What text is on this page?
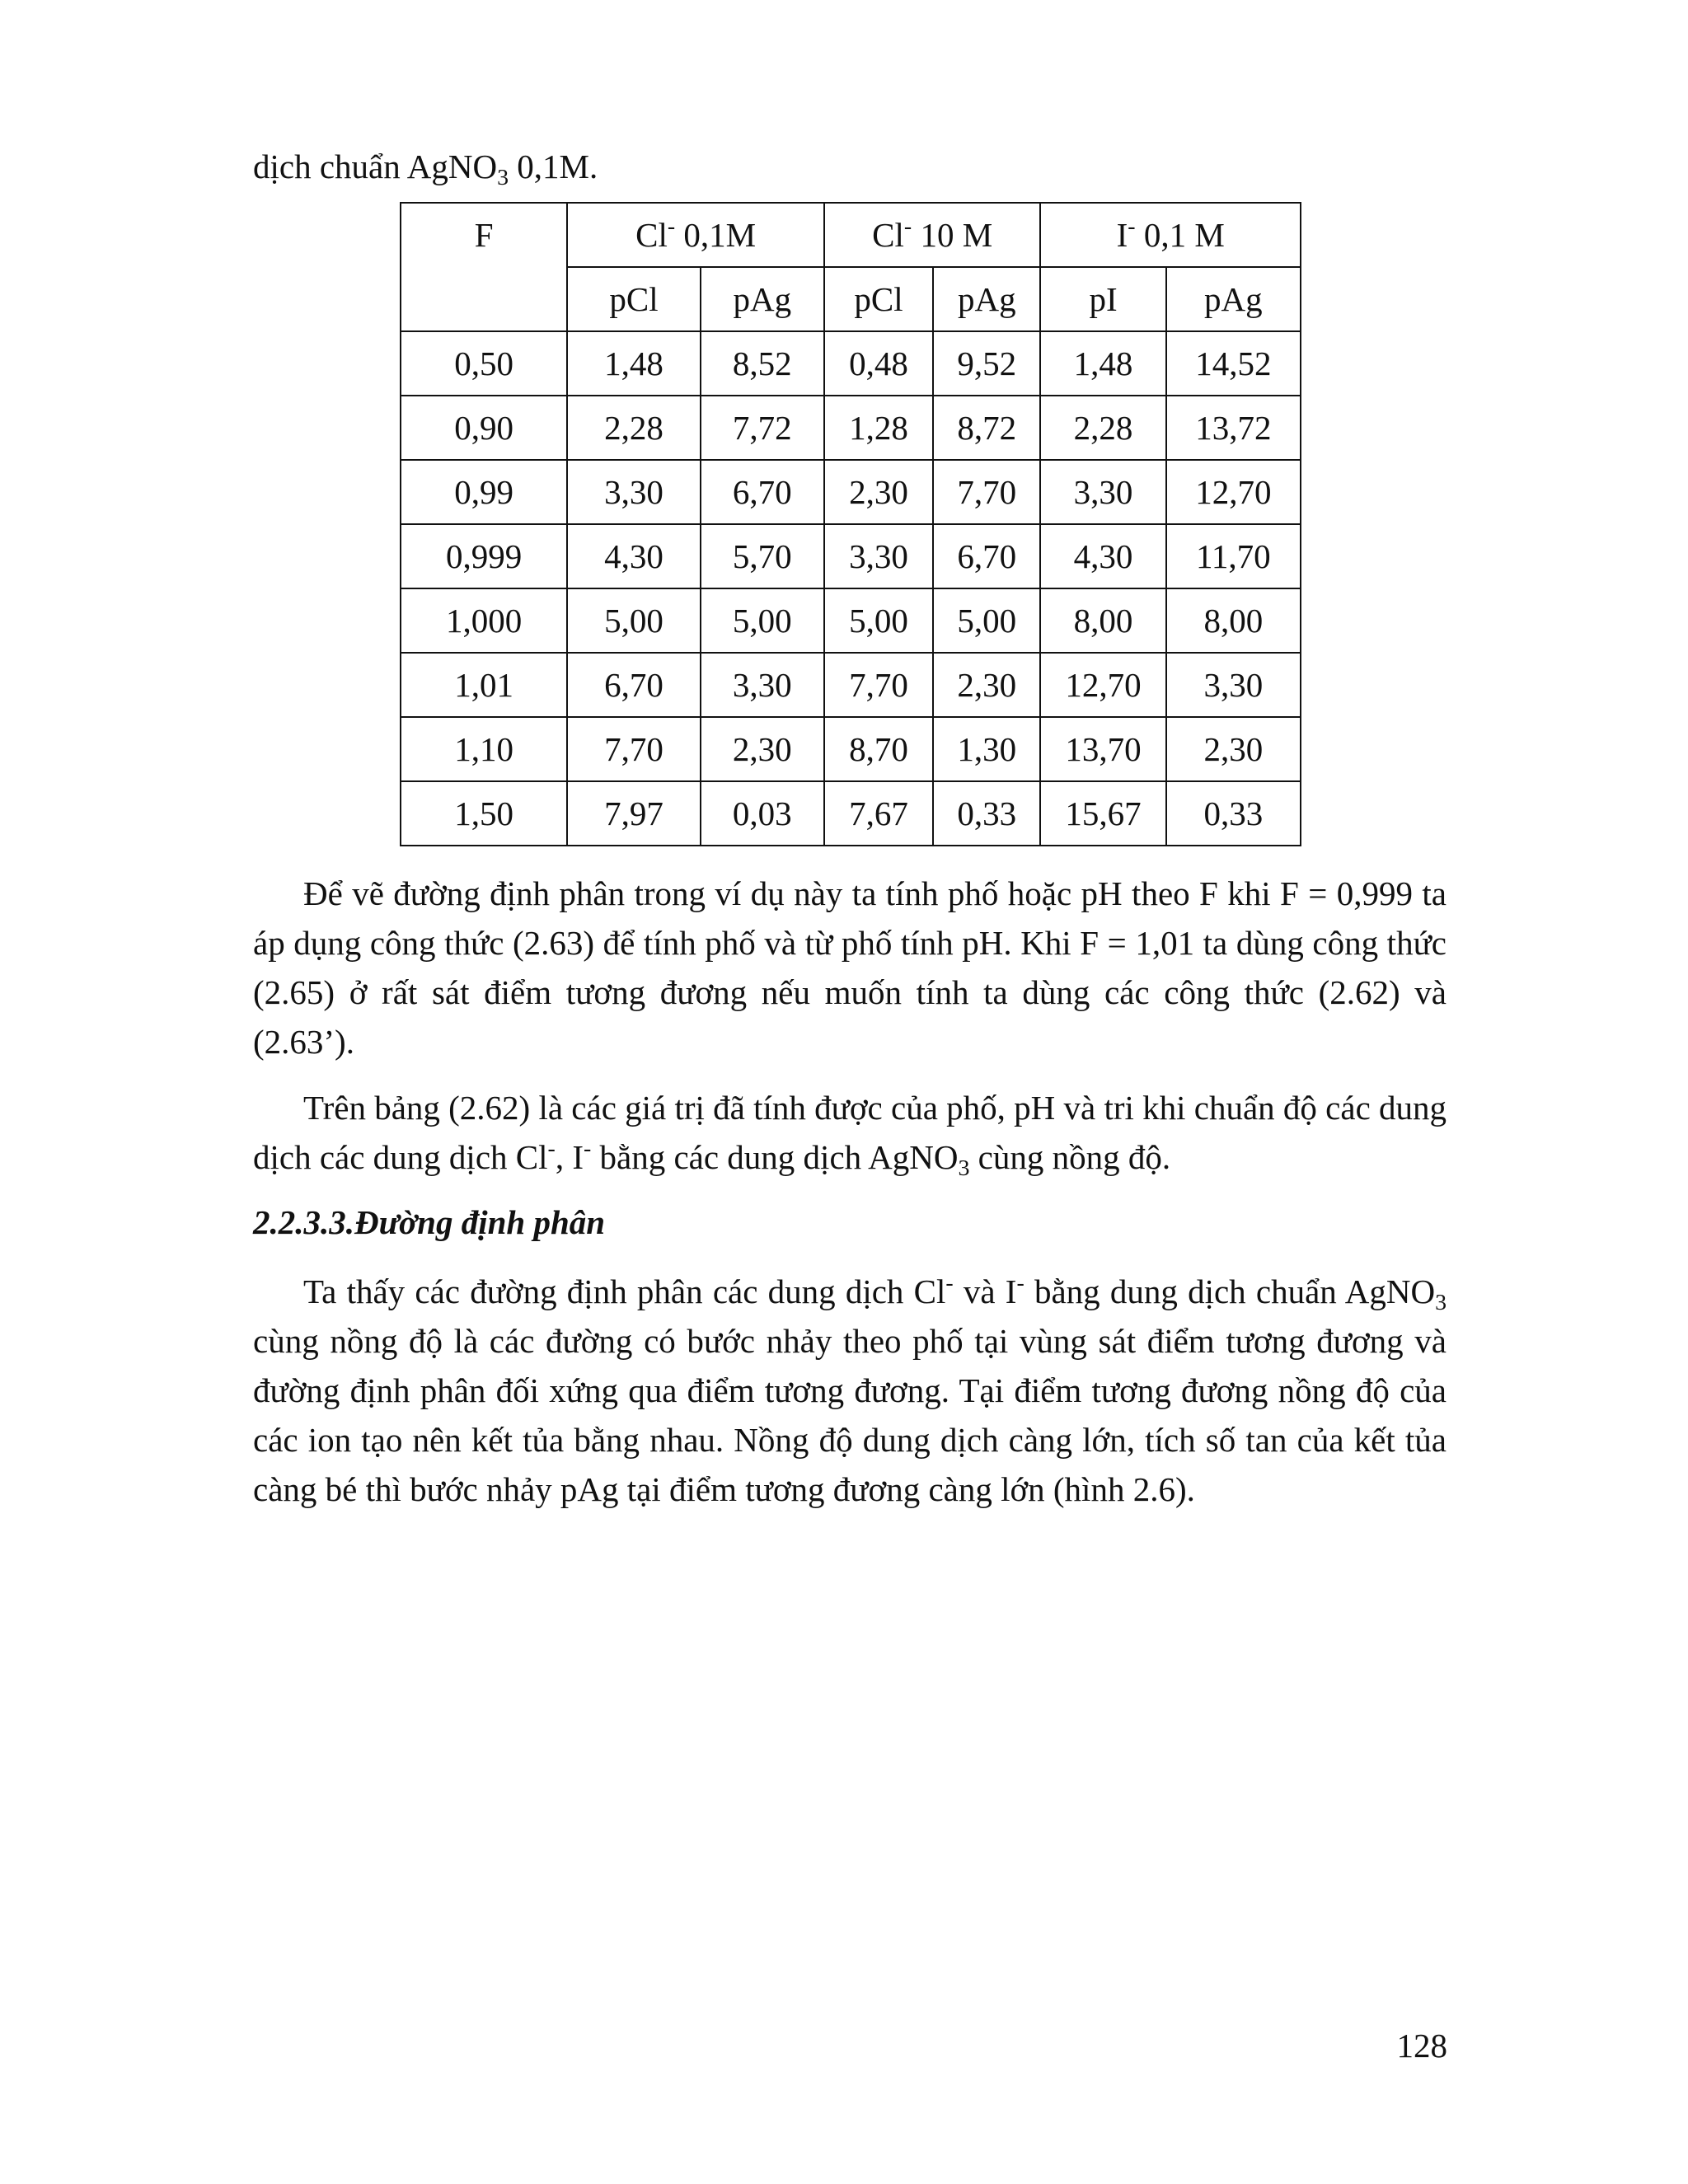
dịch chuẩn AgNO$_3$ 0,1M.

F	Cl- 0,1M		Cl- 10 M		I- 0,1 M	
	pCl	pAg	pCl	pAg	pI	pAg
0,50	1,48	8,52	0,48	9,52	1,48	14,52
0,90	2,28	7,72	1,28	8,72	2,28	13,72
0,99	3,30	6,70	2,30	7,70	3,30	12,70
0,999	4,30	5,70	3,30	6,70	4,30	11,70
1,000	5,00	5,00	5,00	5,00	8,00	8,00
1,01	6,70	3,30	7,70	2,30	12,70	3,30
1,10	7,70	2,30	8,70	1,30	13,70	2,30
1,50	7,97	0,03	7,67	0,33	15,67	0,33

Để vẽ đường định phân trong ví dụ này ta tính phố hoặc pH theo F khi F = 0,999 ta áp dụng công thức (2.63) để tính phố và từ phố tính pH. Khi F = 1,01 ta dùng công thức (2.65) ở rất sát điểm tương đương nếu muốn tính ta dùng các công thức (2.62) và (2.63’).

Trên bảng (2.62) là các giá trị đã tính được của phố, pH và tri khi chuẩn độ các dung dịch các dung dịch Cl-, I- bằng các dung dịch AgNO$_3$ cùng nồng độ.

2.2.3.3.Đường định phân

Ta thấy các đường định phân các dung dịch Cl- và I- bằng dung dịch chuẩn AgNO$_3$ cùng nồng độ là các đường có bước nhảy theo phố tại vùng sát điểm tương đương và đường định phân đối xứng qua điểm tương đương. Tại điểm tương đương nồng độ của các ion tạo nên kết tủa bằng nhau. Nồng độ dung dịch càng lớn, tích số tan của kết tủa càng bé thì bước nhảy pAg tại điểm tương đương càng lớn (hình 2.6).

128
